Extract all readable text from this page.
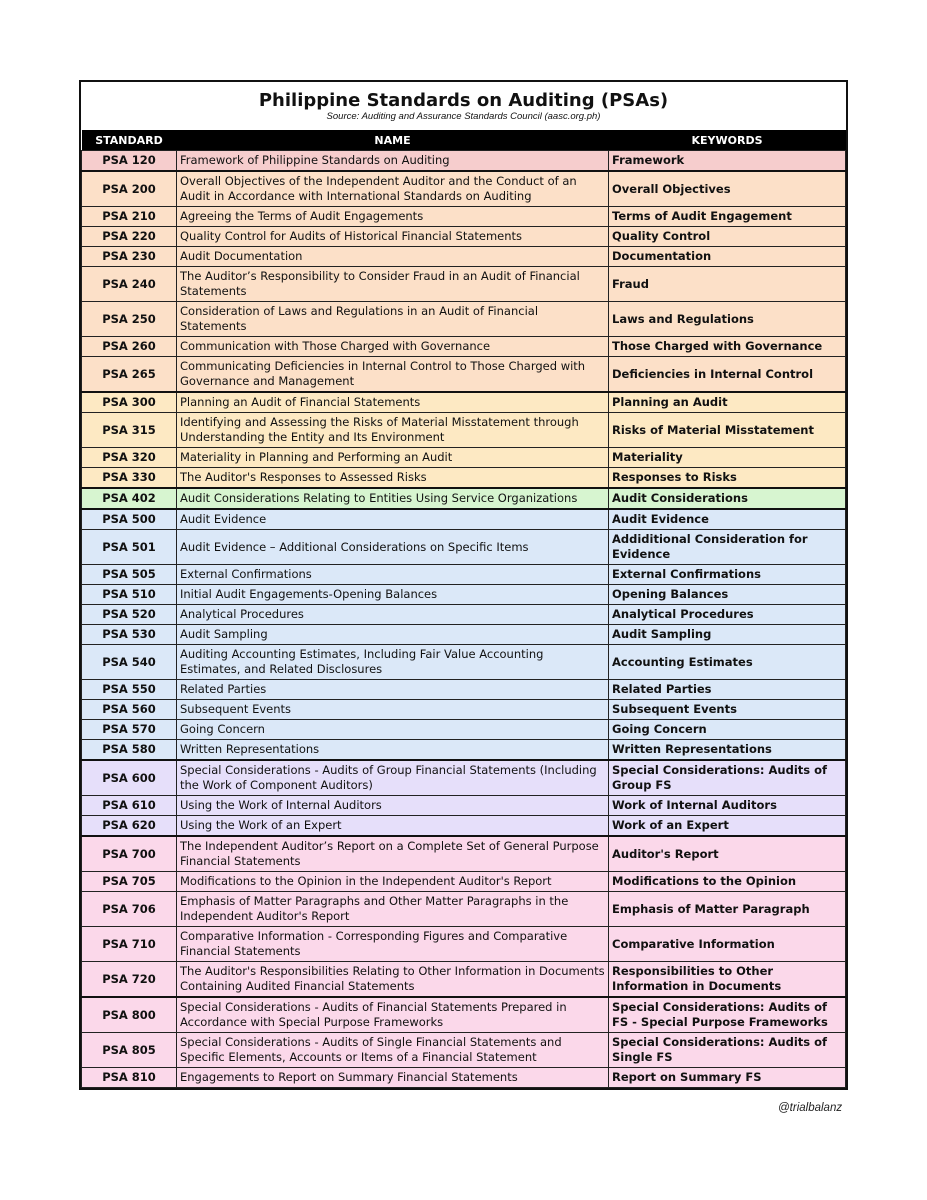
Philippine Standards on Auditing (PSAs)
Source: Auditing and Assurance Standards Council (aasc.org.ph)
STANDARD	NAME	KEYWORDS
PSA 120	Framework of Philippine Standards on Auditing	Framework
PSA 200	Overall Objectives of the Independent Auditor and the Conduct of an Audit in Accordance with International Standards on Auditing	Overall Objectives
PSA 210	Agreeing the Terms of Audit Engagements	Terms of Audit Engagement
PSA 220	Quality Control for Audits of Historical Financial Statements	Quality Control
PSA 230	Audit Documentation	Documentation
PSA 240	The Auditor’s Responsibility to Consider Fraud in an Audit of Financial Statements	Fraud
PSA 250	Consideration of Laws and Regulations in an Audit of Financial Statements	Laws and Regulations
PSA 260	Communication with Those Charged with Governance	Those Charged with Governance
PSA 265	Communicating Deficiencies in Internal Control to Those Charged with Governance and Management	Deficiencies in Internal Control
PSA 300	Planning an Audit of Financial Statements	Planning an Audit
PSA 315	Identifying and Assessing the Risks of Material Misstatement through Understanding the Entity and Its Environment	Risks of Material Misstatement
PSA 320	Materiality in Planning and Performing an Audit	Materiality
PSA 330	The Auditor's Responses to Assessed Risks	Responses to Risks
PSA 402	Audit Considerations Relating to Entities Using Service Organizations	Audit Considerations
PSA 500	Audit Evidence	Audit Evidence
PSA 501	Audit Evidence – Additional Considerations on Specific Items	Addiditional Consideration for Evidence
PSA 505	External Confirmations	External Confirmations
PSA 510	Initial Audit Engagements-Opening Balances	Opening Balances
PSA 520	Analytical Procedures	Analytical Procedures
PSA 530	Audit Sampling	Audit Sampling
PSA 540	Auditing Accounting Estimates, Including Fair Value Accounting Estimates, and Related Disclosures	Accounting Estimates
PSA 550	Related Parties	Related Parties
PSA 560	Subsequent Events	Subsequent Events
PSA 570	Going Concern	Going Concern
PSA 580	Written Representations	Written Representations
PSA 600	Special Considerations - Audits of Group Financial Statements (Including the Work of Component Auditors)	Special Considerations: Audits of Group FS
PSA 610	Using the Work of Internal Auditors	Work of Internal Auditors
PSA 620	Using the Work of an Expert	Work of an Expert
PSA 700	The Independent Auditor’s Report on a Complete Set of General Purpose Financial Statements	Auditor's Report
PSA 705	Modifications to the Opinion in the Independent Auditor's Report	Modifications to the Opinion
PSA 706	Emphasis of Matter Paragraphs and Other Matter Paragraphs in the Independent Auditor's Report	Emphasis of Matter Paragraph
PSA 710	Comparative Information - Corresponding Figures and Comparative Financial Statements	Comparative Information
PSA 720	The Auditor's Responsibilities Relating to Other Information in Documents Containing Audited Financial Statements	Responsibilities to Other Information in Documents
PSA 800	Special Considerations - Audits of Financial Statements Prepared in Accordance with Special Purpose Frameworks	Special Considerations: Audits of FS - Special Purpose Frameworks
PSA 805	Special Considerations - Audits of Single Financial Statements and Specific Elements, Accounts or Items of a Financial Statement	Special Considerations: Audits of Single FS
PSA 810	Engagements to Report on Summary Financial Statements	Report on Summary FS
@trialbalanz
